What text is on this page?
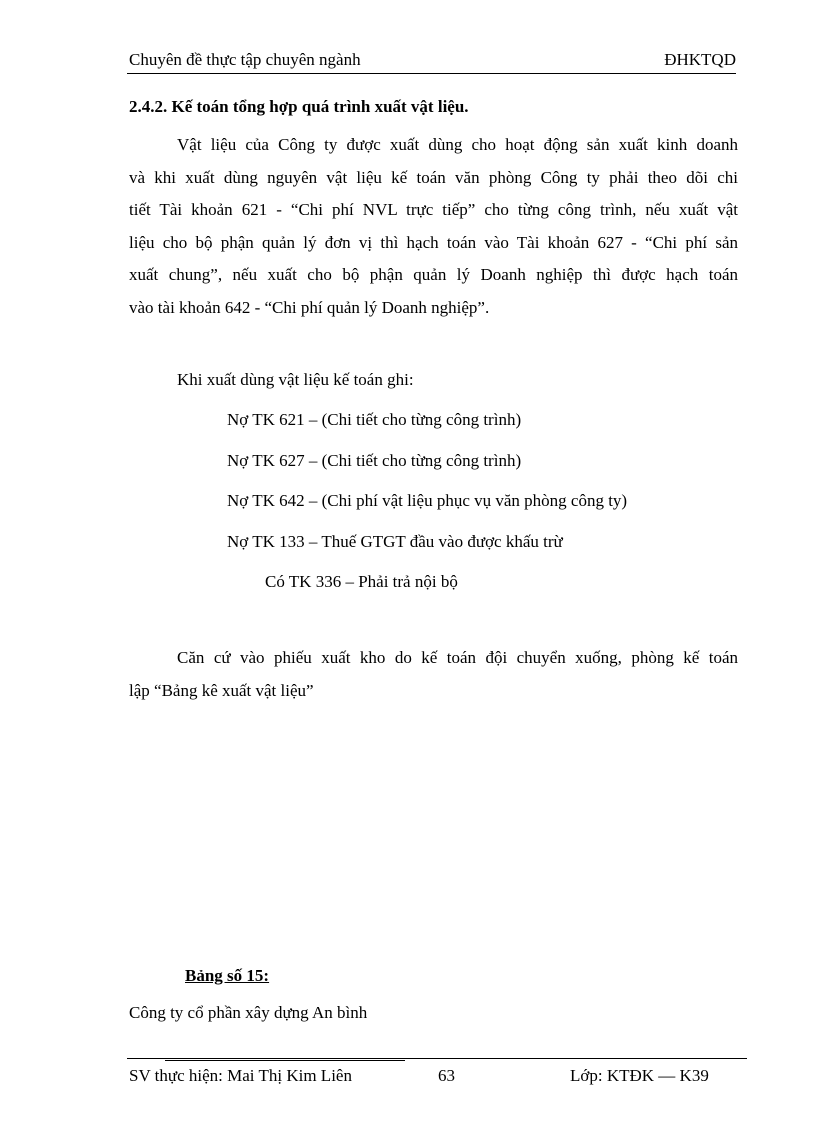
Chuyên đề thực tập chuyên ngành	ĐHKTQD
2.4.2. Kế toán tổng hợp quá trình xuất vật liệu.
Vật liệu của Công ty được xuất dùng cho hoạt động sản xuất kinh doanh
và khi xuất dùng nguyên vật liệu kế toán văn phòng Công ty phải theo dõi chi
tiết Tài khoản 621 - “Chi phí NVL trực tiếp” cho từng công trình, nếu xuất vật
liệu cho bộ phận quản lý đơn vị thì hạch toán vào Tài khoản 627 - “Chi phí sản
xuất chung”, nếu xuất cho bộ phận quản lý Doanh nghiệp thì được hạch toán
vào tài khoản 642 - “Chi phí quản lý Doanh nghiệp”.
Khi xuất dùng vật liệu kế toán ghi:
Nợ TK 621 – (Chi tiết cho từng công trình)
Nợ TK 627 – (Chi tiết cho từng công trình)
Nợ TK 642 – (Chi phí vật liệu phục vụ văn phòng công ty)
Nợ TK 133 – Thuế GTGT đầu vào được khấu trừ
Có TK 336 – Phải trả nội bộ
Căn cứ vào phiếu xuất kho do kế toán đội chuyển xuống, phòng kế toán
lập “Bảng kê xuất vật liệu”
Bảng số 15:
Công ty cổ phần xây dựng An bình
SV thực hiện: Mai Thị Kim Liên	63	Lớp: KTĐK — K39
